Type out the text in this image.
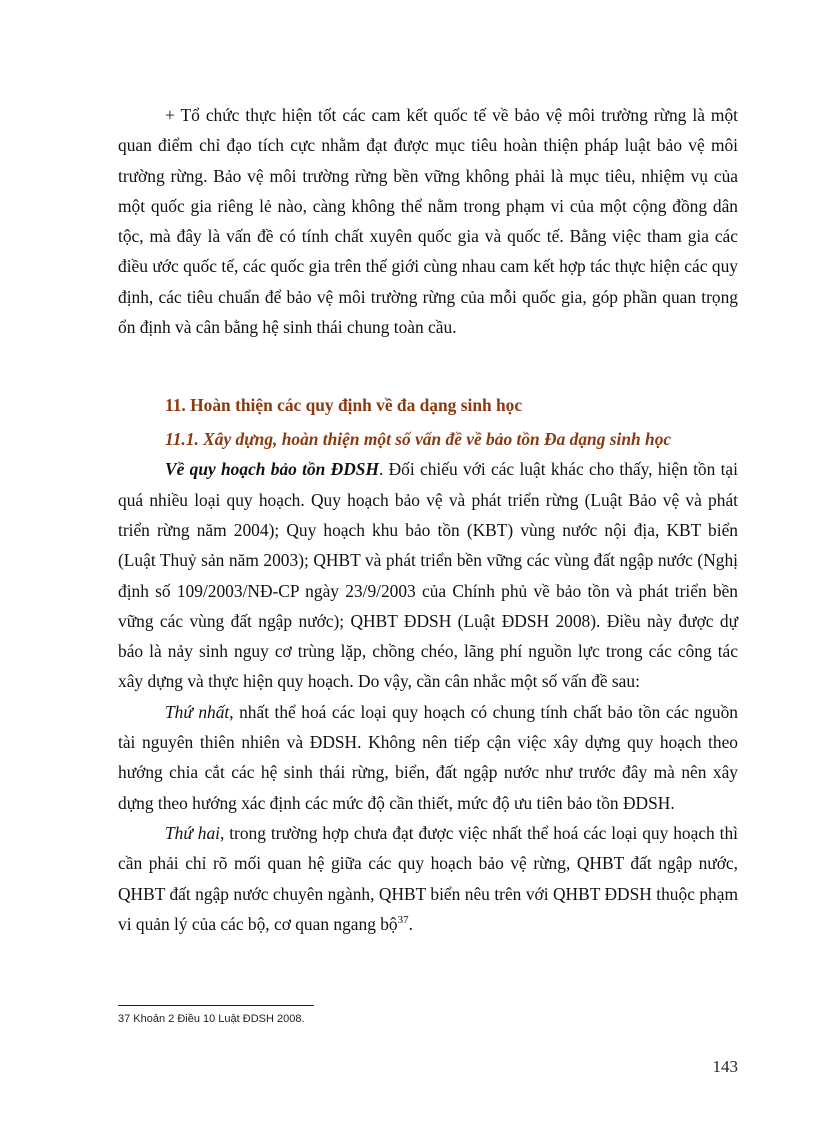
+ Tổ chức thực hiện tốt các cam kết quốc tế về bảo vệ môi trường rừng là một quan điểm chỉ đạo tích cực nhằm đạt được mục tiêu hoàn thiện pháp luật bảo vệ môi trường rừng. Bảo vệ môi trường rừng bền vững không phải là mục tiêu, nhiệm vụ của một quốc gia riêng lẻ nào, càng không thể nằm trong phạm vi của một cộng đồng dân tộc, mà đây là vấn đề có tính chất xuyên quốc gia và quốc tế. Bằng việc tham gia các điều ước quốc tế, các quốc gia trên thế giới cùng nhau cam kết hợp tác thực hiện các quy định, các tiêu chuẩn để bảo vệ môi trường rừng của mỗi quốc gia, góp phần quan trọng ổn định và cân bằng hệ sinh thái chung toàn cầu.

11. Hoàn thiện các quy định về đa dạng sinh học
11.1. Xây dựng, hoàn thiện một số vấn đề về bảo tồn Đa dạng sinh học

Về quy hoạch bảo tồn ĐDSH. Đối chiếu với các luật khác cho thấy, hiện tồn tại quá nhiều loại quy hoạch. Quy hoạch bảo vệ và phát triển rừng (Luật Bảo vệ và phát triển rừng năm 2004); Quy hoạch khu bảo tồn (KBT) vùng nước nội địa, KBT biển (Luật Thuỷ sản năm 2003); QHBT và phát triển bền vững các vùng đất ngập nước (Nghị định số 109/2003/NĐ-CP ngày 23/9/2003 của Chính phủ về bảo tồn và phát triển bền vững các vùng đất ngập nước); QHBT ĐDSH (Luật ĐDSH 2008). Điều này được dự báo là nảy sinh nguy cơ trùng lặp, chồng chéo, lãng phí nguồn lực trong các công tác xây dựng và thực hiện quy hoạch. Do vậy, cần cân nhắc một số vấn đề sau:

Thứ nhất, nhất thể hoá các loại quy hoạch có chung tính chất bảo tồn các nguồn tài nguyên thiên nhiên và ĐDSH. Không nên tiếp cận việc xây dựng quy hoạch theo hướng chia cắt các hệ sinh thái rừng, biển, đất ngập nước như trước đây mà nên xây dựng theo hướng xác định các mức độ cần thiết, mức độ ưu tiên bảo tồn ĐDSH.

Thứ hai, trong trường hợp chưa đạt được việc nhất thể hoá các loại quy hoạch thì cần phải chỉ rõ mối quan hệ giữa các quy hoạch bảo vệ rừng, QHBT đất ngập nước, QHBT đất ngập nước chuyên ngành, QHBT biển nêu trên với QHBT ĐDSH thuộc phạm vi quản lý của các bộ, cơ quan ngang bộ$^{37}$.

37 Khoản 2 Điều 10 Luật ĐDSH 2008.
143
